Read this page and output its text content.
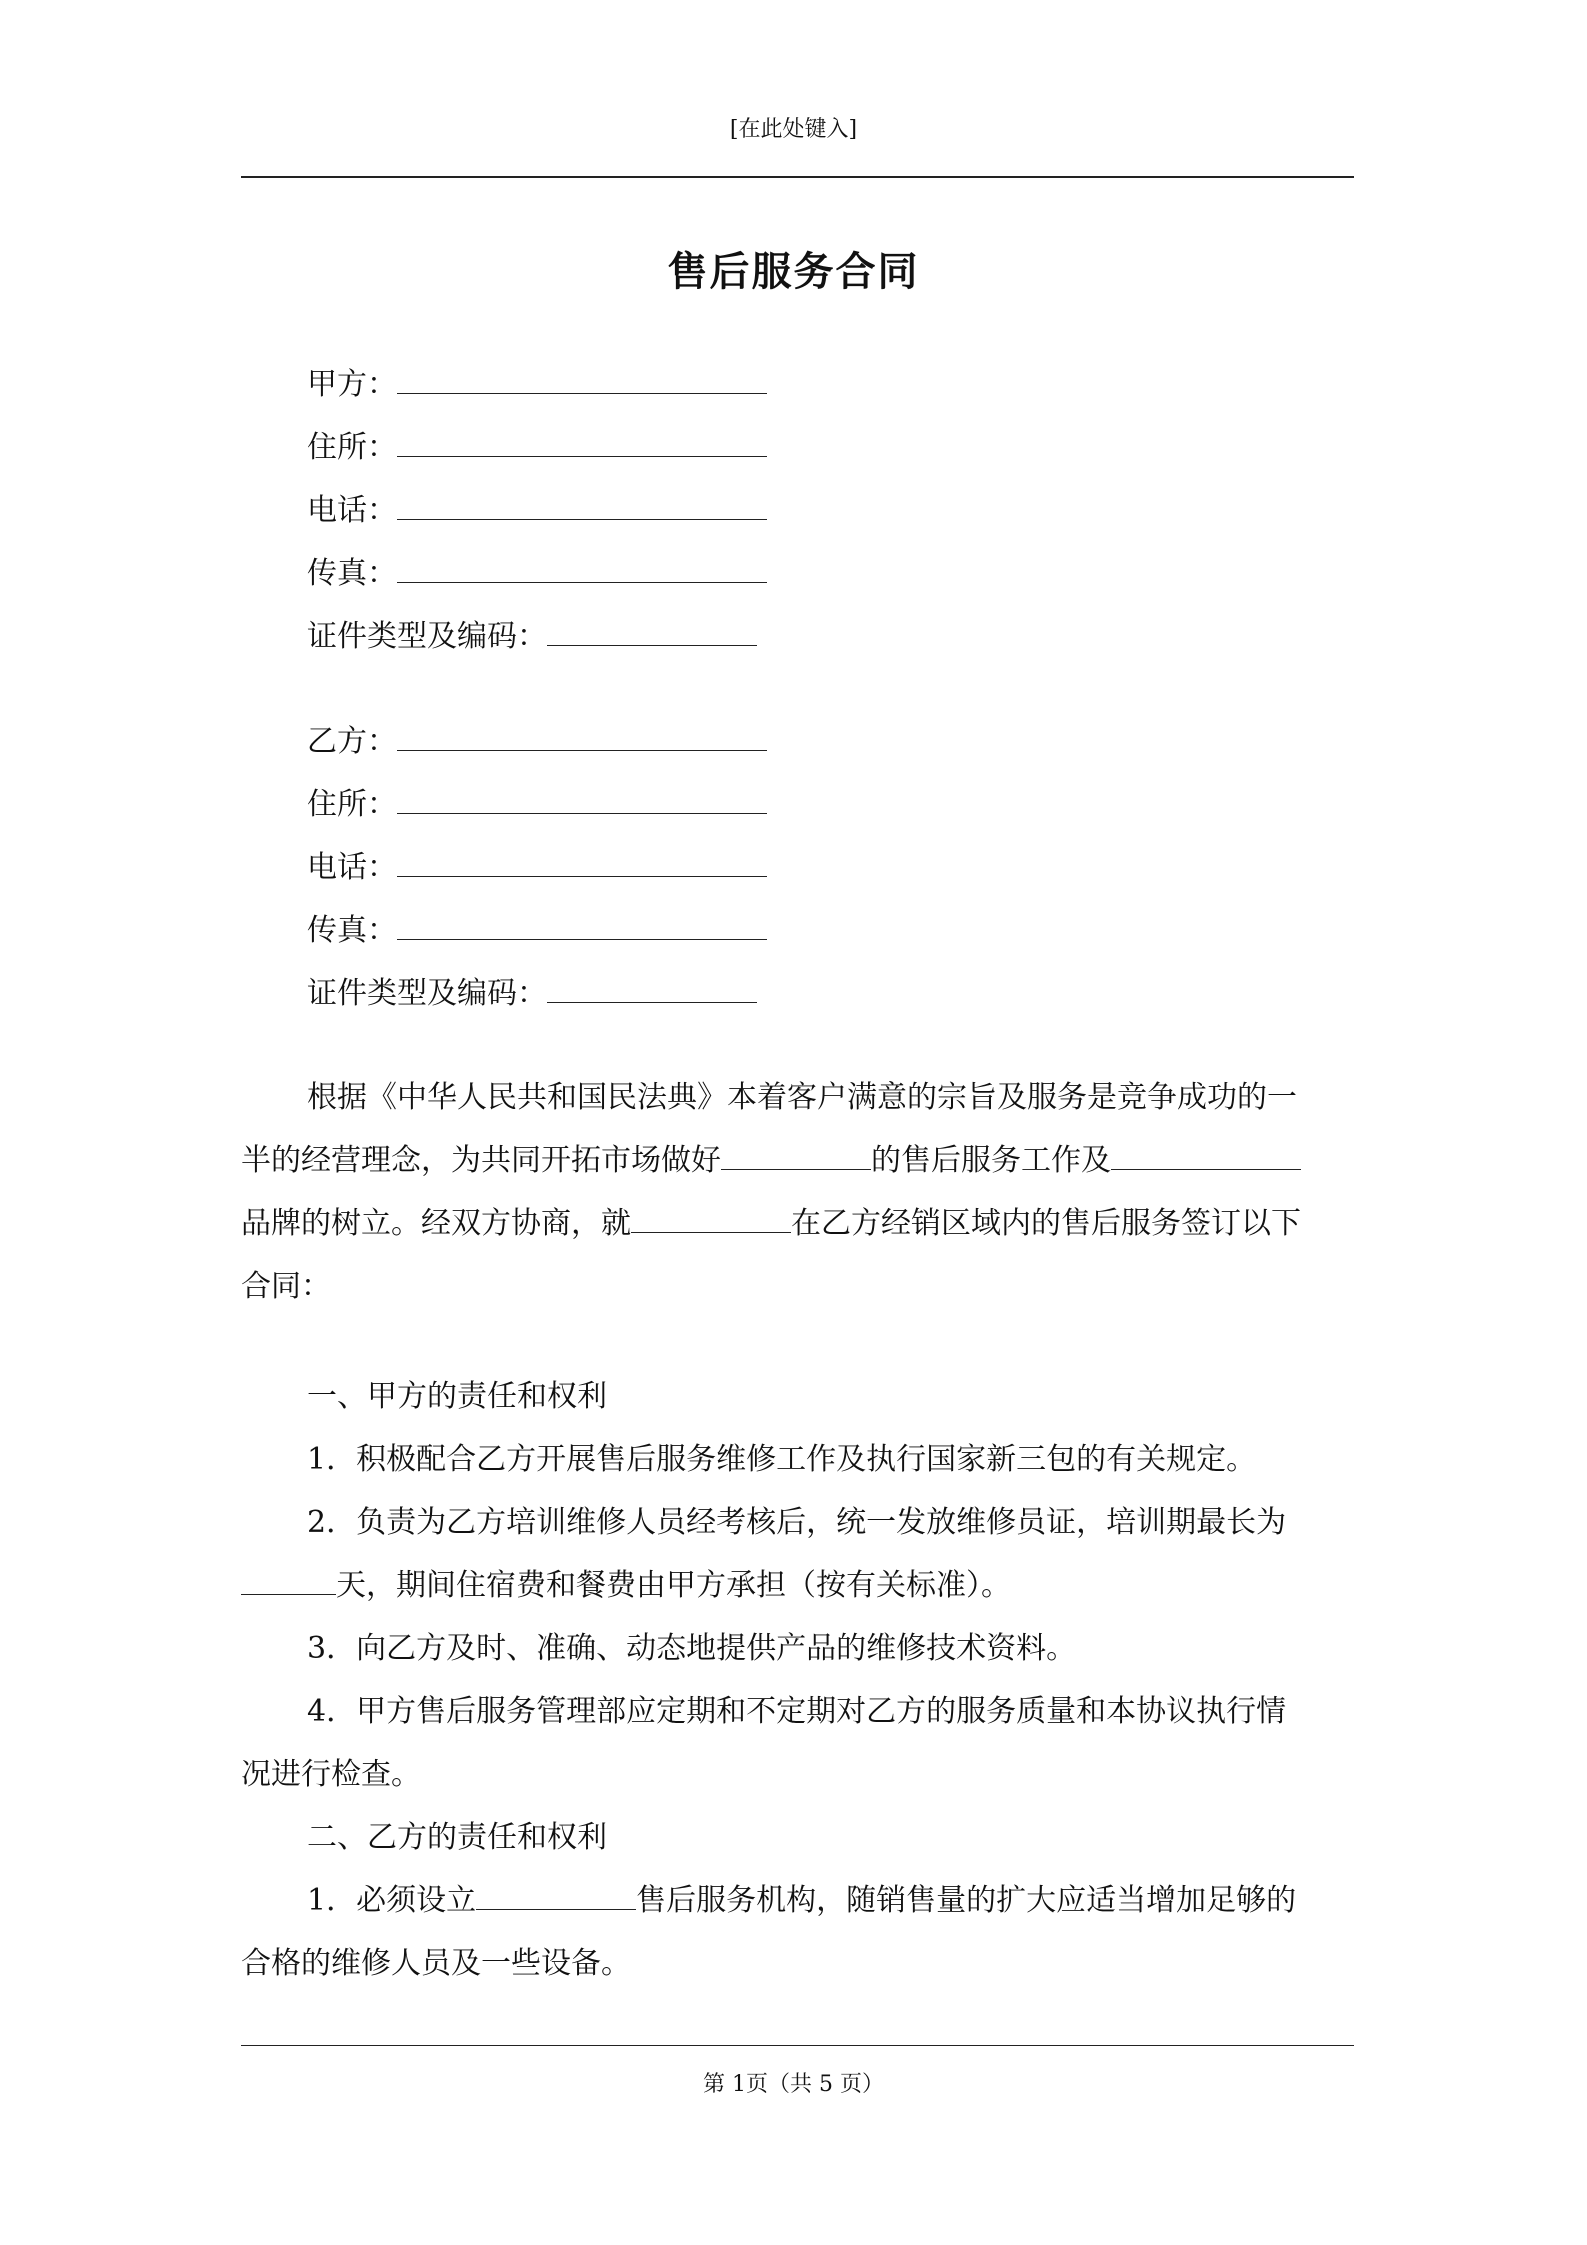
[在此处键入]
售后服务合同
甲方：
住所：
电话：
传真：
证件类型及编码：
乙方：
住所：
电话：
传真：
证件类型及编码：
根据《中华人民共和国民法典》本着客户满意的宗旨及服务是竞争成功的一
半的经营理念，为共同开拓市场做好	的售后服务工作及
品牌的树立。经双方协商，就	在乙方经销区域内的售后服务签订以下
合同：
一、甲方的责任和权利
1．积极配合乙方开展售后服务维修工作及执行国家新三包的有关规定。
2．负责为乙方培训维修人员经考核后，统一发放维修员证，培训期最长为
天，期间住宿费和餐费由甲方承担（按有关标准）。
3．向乙方及时、准确、动态地提供产品的维修技术资料。
4．甲方售后服务管理部应定期和不定期对乙方的服务质量和本协议执行情
况进行检查。
二、乙方的责任和权利
1．必须设立	售后服务机构，随销售量的扩大应适当增加足够的
合格的维修人员及一些设备。
第 1页（共 5 页）
